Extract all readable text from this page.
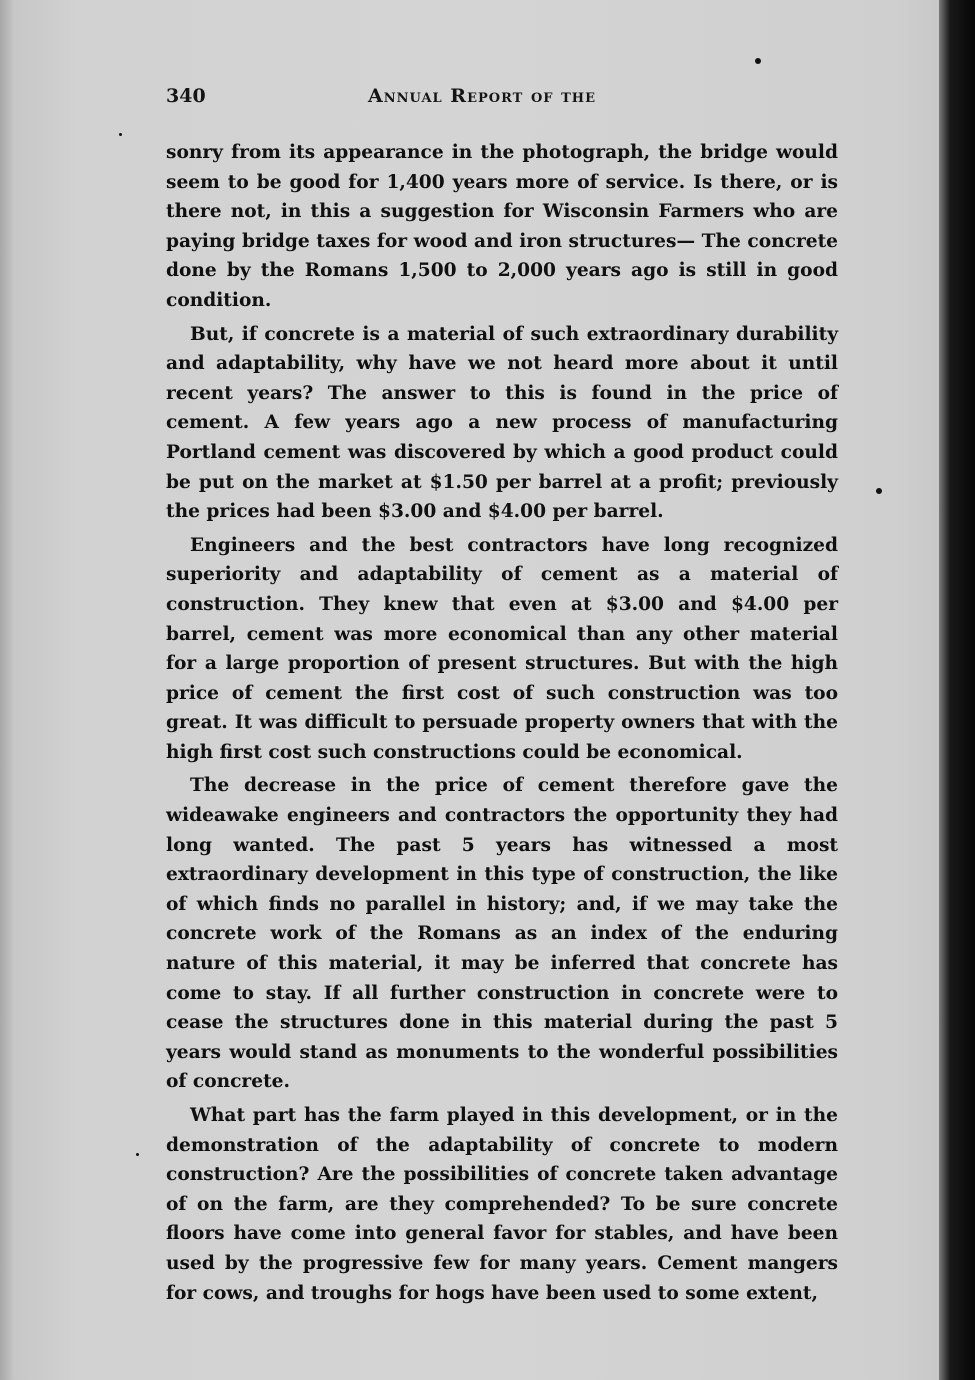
340	Annual Report of the

sonry from its appearance in the photograph, the bridge would seem to be good for 1,400 years more of service. Is there, or is there not, in this a suggestion for Wisconsin Farmers who are paying bridge taxes for wood and iron structures— The concrete done by the Romans 1,500 to 2,000 years ago is still in good condition.

But, if concrete is a material of such extraordinary durability and adaptability, why have we not heard more about it until recent years? The answer to this is found in the price of cement. A few years ago a new process of manufacturing Portland cement was discovered by which a good product could be put on the market at $1.50 per barrel at a profit; previously the prices had been $3.00 and $4.00 per barrel.

Engineers and the best contractors have long recognized superiority and adaptability of cement as a material of construction. They knew that even at $3.00 and $4.00 per barrel, cement was more economical than any other material for a large proportion of present structures. But with the high price of cement the first cost of such construction was too great. It was difficult to persuade property owners that with the high first cost such constructions could be economical.

The decrease in the price of cement therefore gave the wideawake engineers and contractors the opportunity they had long wanted. The past 5 years has witnessed a most extraordinary development in this type of construction, the like of which finds no parallel in history; and, if we may take the concrete work of the Romans as an index of the enduring nature of this material, it may be inferred that concrete has come to stay. If all further construction in concrete were to cease the structures done in this material during the past 5 years would stand as monuments to the wonderful possibilities of concrete.

What part has the farm played in this development, or in the demonstration of the adaptability of concrete to modern construction? Are the possibilities of concrete taken advantage of on the farm, are they comprehended? To be sure concrete floors have come into general favor for stables, and have been used by the progressive few for many years. Cement mangers for cows, and troughs for hogs have been used to some extent,
